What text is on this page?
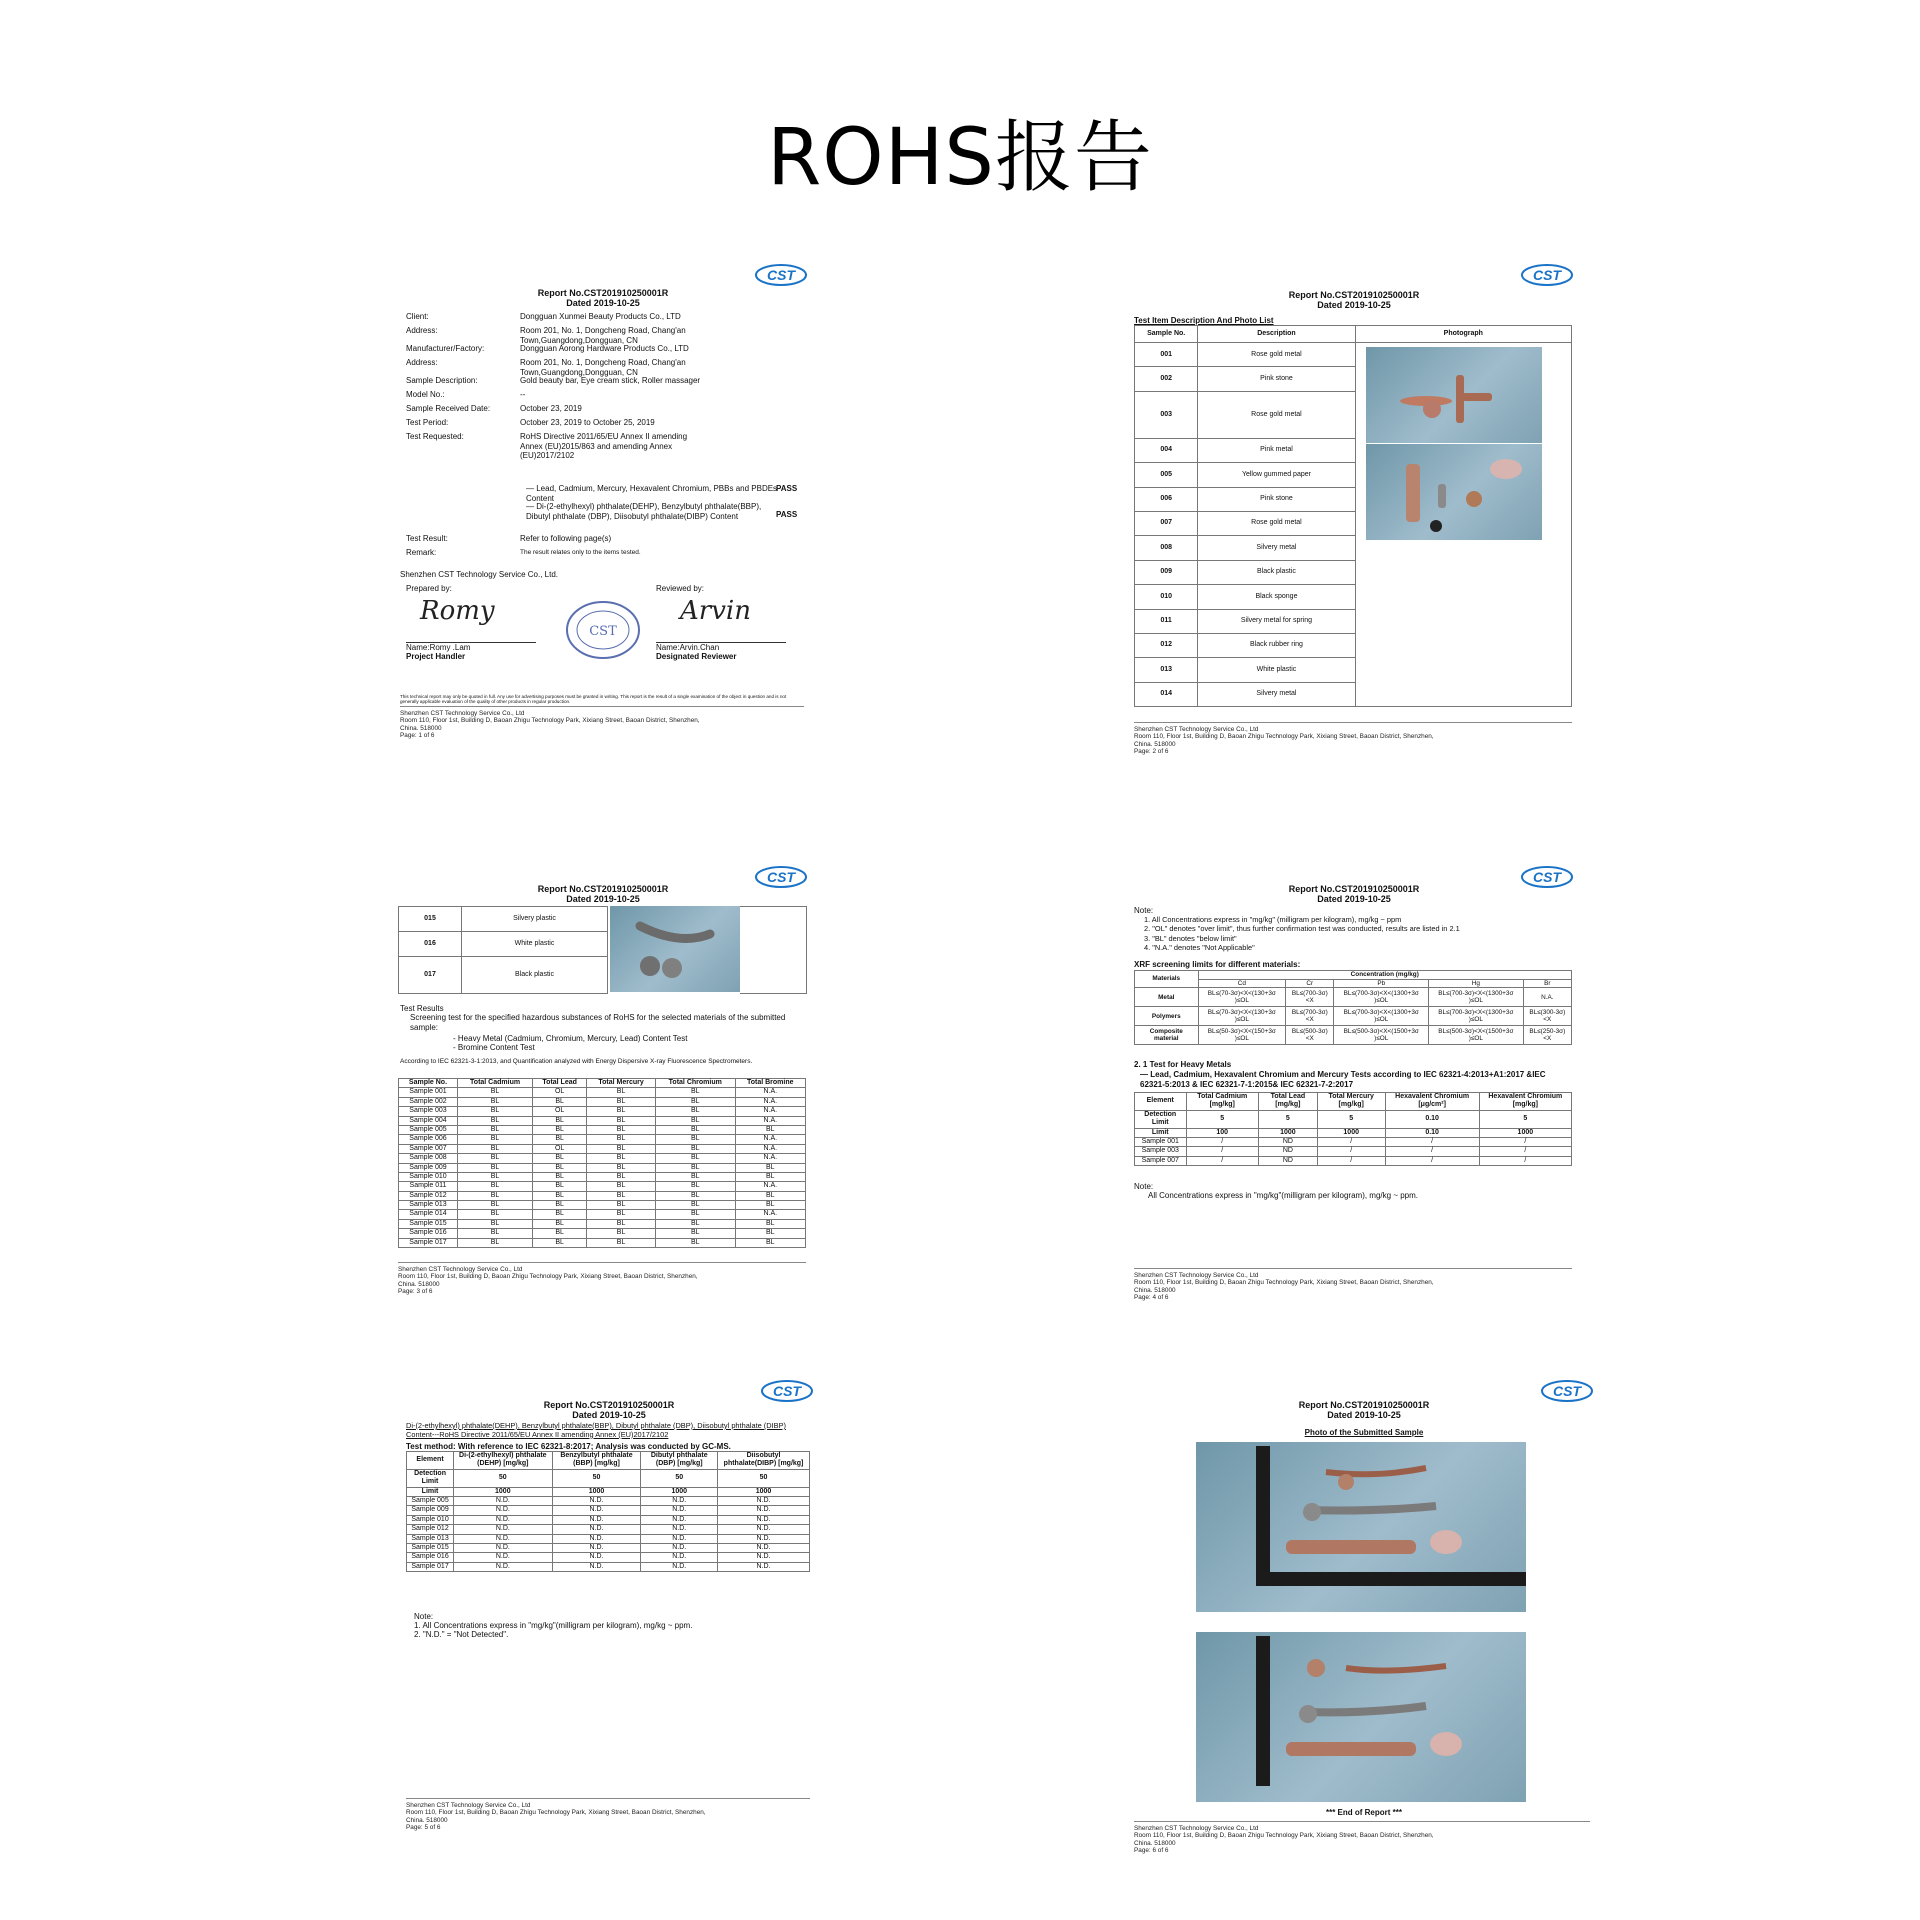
ROHS报告
CST
Report No.CST201910250001R
Dated 2019-10-25
Client:	Dongguan Xunmei Beauty Products Co., LTD
Address:	Room 201, No. 1, Dongcheng Road, Chang'an Town,Guangdong,Dongguan, CN
Manufacturer/Factory:	Dongguan Aorong Hardware Products Co., LTD
Address:	Room 201, No. 1, Dongcheng Road, Chang'an Town,Guangdong,Dongguan, CN
Sample Description:	Gold beauty bar, Eye cream stick, Roller massager
Model No.:	--
Sample Received Date:	October 23, 2019
Test Period:	October 23, 2019 to October 25, 2019
Test Requested:	RoHS Directive 2011/65/EU Annex II amending Annex (EU)2015/863 and amending Annex (EU)2017/2102
— Lead, Cadmium, Mercury, Hexavalent Chromium, PBBs and PBDEs Content
PASS
— Di-(2-ethylhexyl) phthalate(DEHP), Benzylbutyl phthalate(BBP), Dibutyl phthalate (DBP), Diisobutyl phthalate(DIBP) Content	PASS
Test Result:	Refer to following page(s)
Remark:	The result relates only to the items tested.
Shenzhen CST Technology Service Co., Ltd.
Prepared by:	Reviewed by:
Romy	Arvin
CST
Name:Romy .Lam
Project Handler
Name:Arvin.Chan
Designated Reviewer
This technical report may only be quoted in full. Any use for advertising purposes must be granted in writing. This report is the result of a single examination of the object in question and is not generally applicable evaluation of the quality of other products in regular production.
Shenzhen CST Technology Service Co., Ltd
Room 110, Floor 1st, Building D, Baoan Zhigu Technology Park, Xixiang Street, Baoan District, Shenzhen,
China. 518000
Page: 1 of 6
CST
Report No.CST201910250001R
Dated 2019-10-25
Test Item Description And Photo List
Sample No.	Description	Photograph
001	Rose gold metal	
002	Pink stone	
003	Rose gold metal	
004	Pink metal	
005	Yellow gummed paper	
006	Pink stone	
007	Rose gold metal	
008	Silvery metal	
009	Black plastic	
010	Black sponge	
011	Silvery metal for spring	
012	Black rubber ring	
013	White plastic	
014	Silvery metal	
Shenzhen CST Technology Service Co., Ltd
Room 110, Floor 1st, Building D, Baoan Zhigu Technology Park, Xixiang Street, Baoan District, Shenzhen,
China. 518000
Page: 2 of 6
CST
Report No.CST201910250001R
Dated 2019-10-25
015	Silvery plastic
016	White plastic
017	Black plastic
Test Results
Screening test for the specified hazardous substances of RoHS for the selected materials of the submitted sample:
- Heavy Metal (Cadmium, Chromium, Mercury, Lead) Content Test
- Bromine Content Test
According to IEC 62321-3-1:2013, and Quantification analyzed with Energy Dispersive X-ray Fluorescence Spectrometers.
Sample No.	Total Cadmium	Total Lead	Total Mercury	Total Chromium	Total Bromine
Sample 001	BL	OL	BL	BL	N.A.
Sample 002	BL	BL	BL	BL	N.A.
Sample 003	BL	OL	BL	BL	N.A.
Sample 004	BL	BL	BL	BL	N.A.
Sample 005	BL	BL	BL	BL	BL
Sample 006	BL	BL	BL	BL	N.A.
Sample 007	BL	OL	BL	BL	N.A.
Sample 008	BL	BL	BL	BL	N.A.
Sample 009	BL	BL	BL	BL	BL
Sample 010	BL	BL	BL	BL	BL
Sample 011	BL	BL	BL	BL	N.A.
Sample 012	BL	BL	BL	BL	BL
Sample 013	BL	BL	BL	BL	BL
Sample 014	BL	BL	BL	BL	N.A.
Sample 015	BL	BL	BL	BL	BL
Sample 016	BL	BL	BL	BL	BL
Sample 017	BL	BL	BL	BL	BL
Shenzhen CST Technology Service Co., Ltd
Room 110, Floor 1st, Building D, Baoan Zhigu Technology Park, Xixiang Street, Baoan District, Shenzhen,
China. 518000
Page: 3 of 6
CST
Report No.CST201910250001R
Dated 2019-10-25
Note:
1. All Concentrations express in "mg/kg" (milligram per kilogram), mg/kg ~ ppm
2. "OL" denotes "over limit", thus further confirmation test was conducted, results are listed in 2.1
3. "BL" denotes "below limit"
4. "N.A." denotes "Not Applicable"
XRF screening limits for different materials:
Materials	Concentration (mg/kg)				
	Cd	Cr	Pb	Hg	Br
Metal	BL≤(70-3σ)<X<(130+3σ )≤OL	BL≤(700-3σ)<X	BL≤(700-3σ)<X<(1300+3σ )≤OL	BL≤(700-3σ)<X<(1300+3σ )≤OL	N.A.
Polymers	BL≤(70-3σ)<X<(130+3σ )≤OL	BL≤(700-3σ)<X	BL≤(700-3σ)<X<(1300+3σ )≤OL	BL≤(700-3σ)<X<(1300+3σ )≤OL	BL≤(300-3σ)<X
Composite material	BL≤(50-3σ)<X<(150+3σ )≤OL	BL≤(500-3σ)<X	BL≤(500-3σ)<X<(1500+3σ )≤OL	BL≤(500-3σ)<X<(1500+3σ )≤OL	BL≤(250-3σ)<X
2. 1 Test for Heavy Metals
— Lead, Cadmium, Hexavalent Chromium and Mercury Tests according to IEC 62321-4:2013+A1:2017 &IEC 62321-5:2013 & IEC 62321-7-1:2015& IEC 62321-7-2:2017
Element	Total Cadmium [mg/kg]	Total Lead [mg/kg]	Total Mercury [mg/kg]	Hexavalent Chromium [μg/cm²]	Hexavalent Chromium [mg/kg]
Detection Limit	5	5	5	0.10	5
Limit	100	1000	1000	0.10	1000
Sample 001	/	ND	/	/	/
Sample 003	/	ND	/	/	/
Sample 007	/	ND	/	/	/
Note:
All Concentrations express in "mg/kg"(milligram per kilogram), mg/kg ~ ppm.
Shenzhen CST Technology Service Co., Ltd
Room 110, Floor 1st, Building D, Baoan Zhigu Technology Park, Xixiang Street, Baoan District, Shenzhen,
China. 518000
Page: 4 of 6
CST
Report No.CST201910250001R
Dated 2019-10-25
Di-(2-ethylhexyl) phthalate(DEHP), Benzylbutyl phthalate(BBP), Dibutyl phthalate (DBP), Diisobutyl phthalate (DIBP) Content---RoHS Directive 2011/65/EU Annex II amending Annex (EU)2017/2102
Test method: With reference to IEC 62321-8:2017; Analysis was conducted by GC-MS.
Element	Di-(2-ethylhexyl) phthalate (DEHP) [mg/kg]	Benzylbutyl phthalate (BBP) [mg/kg]	Dibutyl phthalate (DBP) [mg/kg]	Diisobutyl phthalate(DIBP) [mg/kg]
Detection Limit	50	50	50	50
Limit	1000	1000	1000	1000
Sample 005	N.D.	N.D.	N.D.	N.D.
Sample 009	N.D.	N.D.	N.D.	N.D.
Sample 010	N.D.	N.D.	N.D.	N.D.
Sample 012	N.D.	N.D.	N.D.	N.D.
Sample 013	N.D.	N.D.	N.D.	N.D.
Sample 015	N.D.	N.D.	N.D.	N.D.
Sample 016	N.D.	N.D.	N.D.	N.D.
Sample 017	N.D.	N.D.	N.D.	N.D.
Note:
1. All Concentrations express in "mg/kg"(milligram per kilogram), mg/kg ~ ppm.
2. "N.D." = "Not Detected".
Shenzhen CST Technology Service Co., Ltd
Room 110, Floor 1st, Building D, Baoan Zhigu Technology Park, Xixiang Street, Baoan District, Shenzhen,
China. 518000
Page: 5 of 6
CST
Report No.CST201910250001R
Dated 2019-10-25
Photo of the Submitted Sample
*** End of Report ***
Shenzhen CST Technology Service Co., Ltd
Room 110, Floor 1st, Building D, Baoan Zhigu Technology Park, Xixiang Street, Baoan District, Shenzhen,
China. 518000
Page: 6 of 6
